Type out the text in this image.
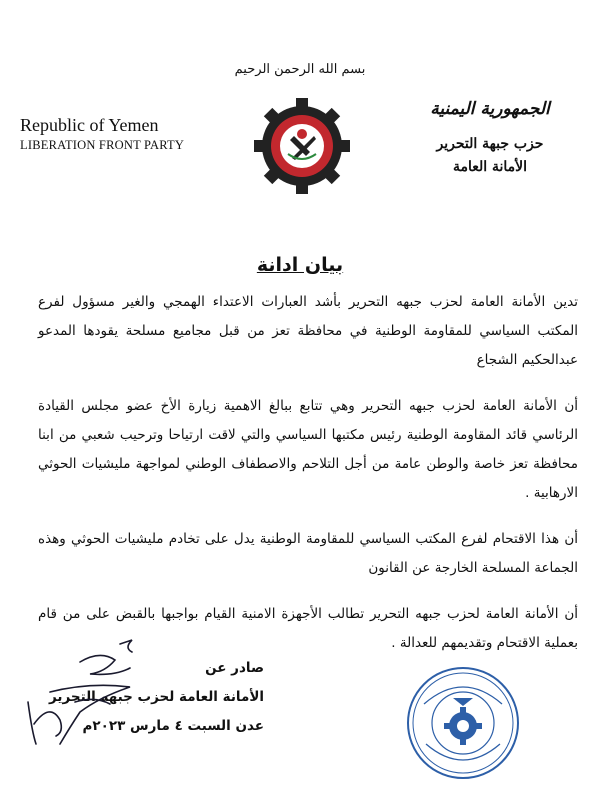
بسم الله الرحمن الرحيم
Republic of Yemen
LIBERATION FRONT PARTY
الجمهورية اليمنية
حزب جبهة التحرير
الأمانة العامة
بيان ادانة

تدين الأمانة العامة لحزب جبهه التحرير بأشد العبارات الاعتداء الهمجي والغير مسؤول لفرع المكتب السياسي للمقاومة الوطنية في محافظة تعز من قبل مجاميع مسلحة يقودها المدعو عبدالحكيم الشجاع

أن الأمانة العامة لحزب جبهه التحرير وهي تتابع ببالغ الاهمية زيارة الأخ عضو مجلس القيادة الرئاسي قائد المقاومة الوطنية رئيس مكتبها السياسي والتي لاقت ارتياحا وترحيب شعبي من ابنا محافظة تعز خاصة والوطن عامة من أجل التلاحم والاصطفاف الوطني لمواجهة مليشيات الحوثي الارهابية .

أن هذا الاقتحام لفرع المكتب السياسي للمقاومة الوطنية يدل على تخادم مليشيات الحوثي وهذه الجماعة المسلحة الخارجة عن القانون

أن الأمانة العامة لحزب جبهه التحرير تطالب الأجهزة الامنية القيام بواجبها بالقبض على من قام بعملية الاقتحام وتقديمهم للعدالة .

صادر عن
الأمانة العامة لحزب جبهه التحرير
عدن السبت ٤ مارس ٢٠٢٣م
